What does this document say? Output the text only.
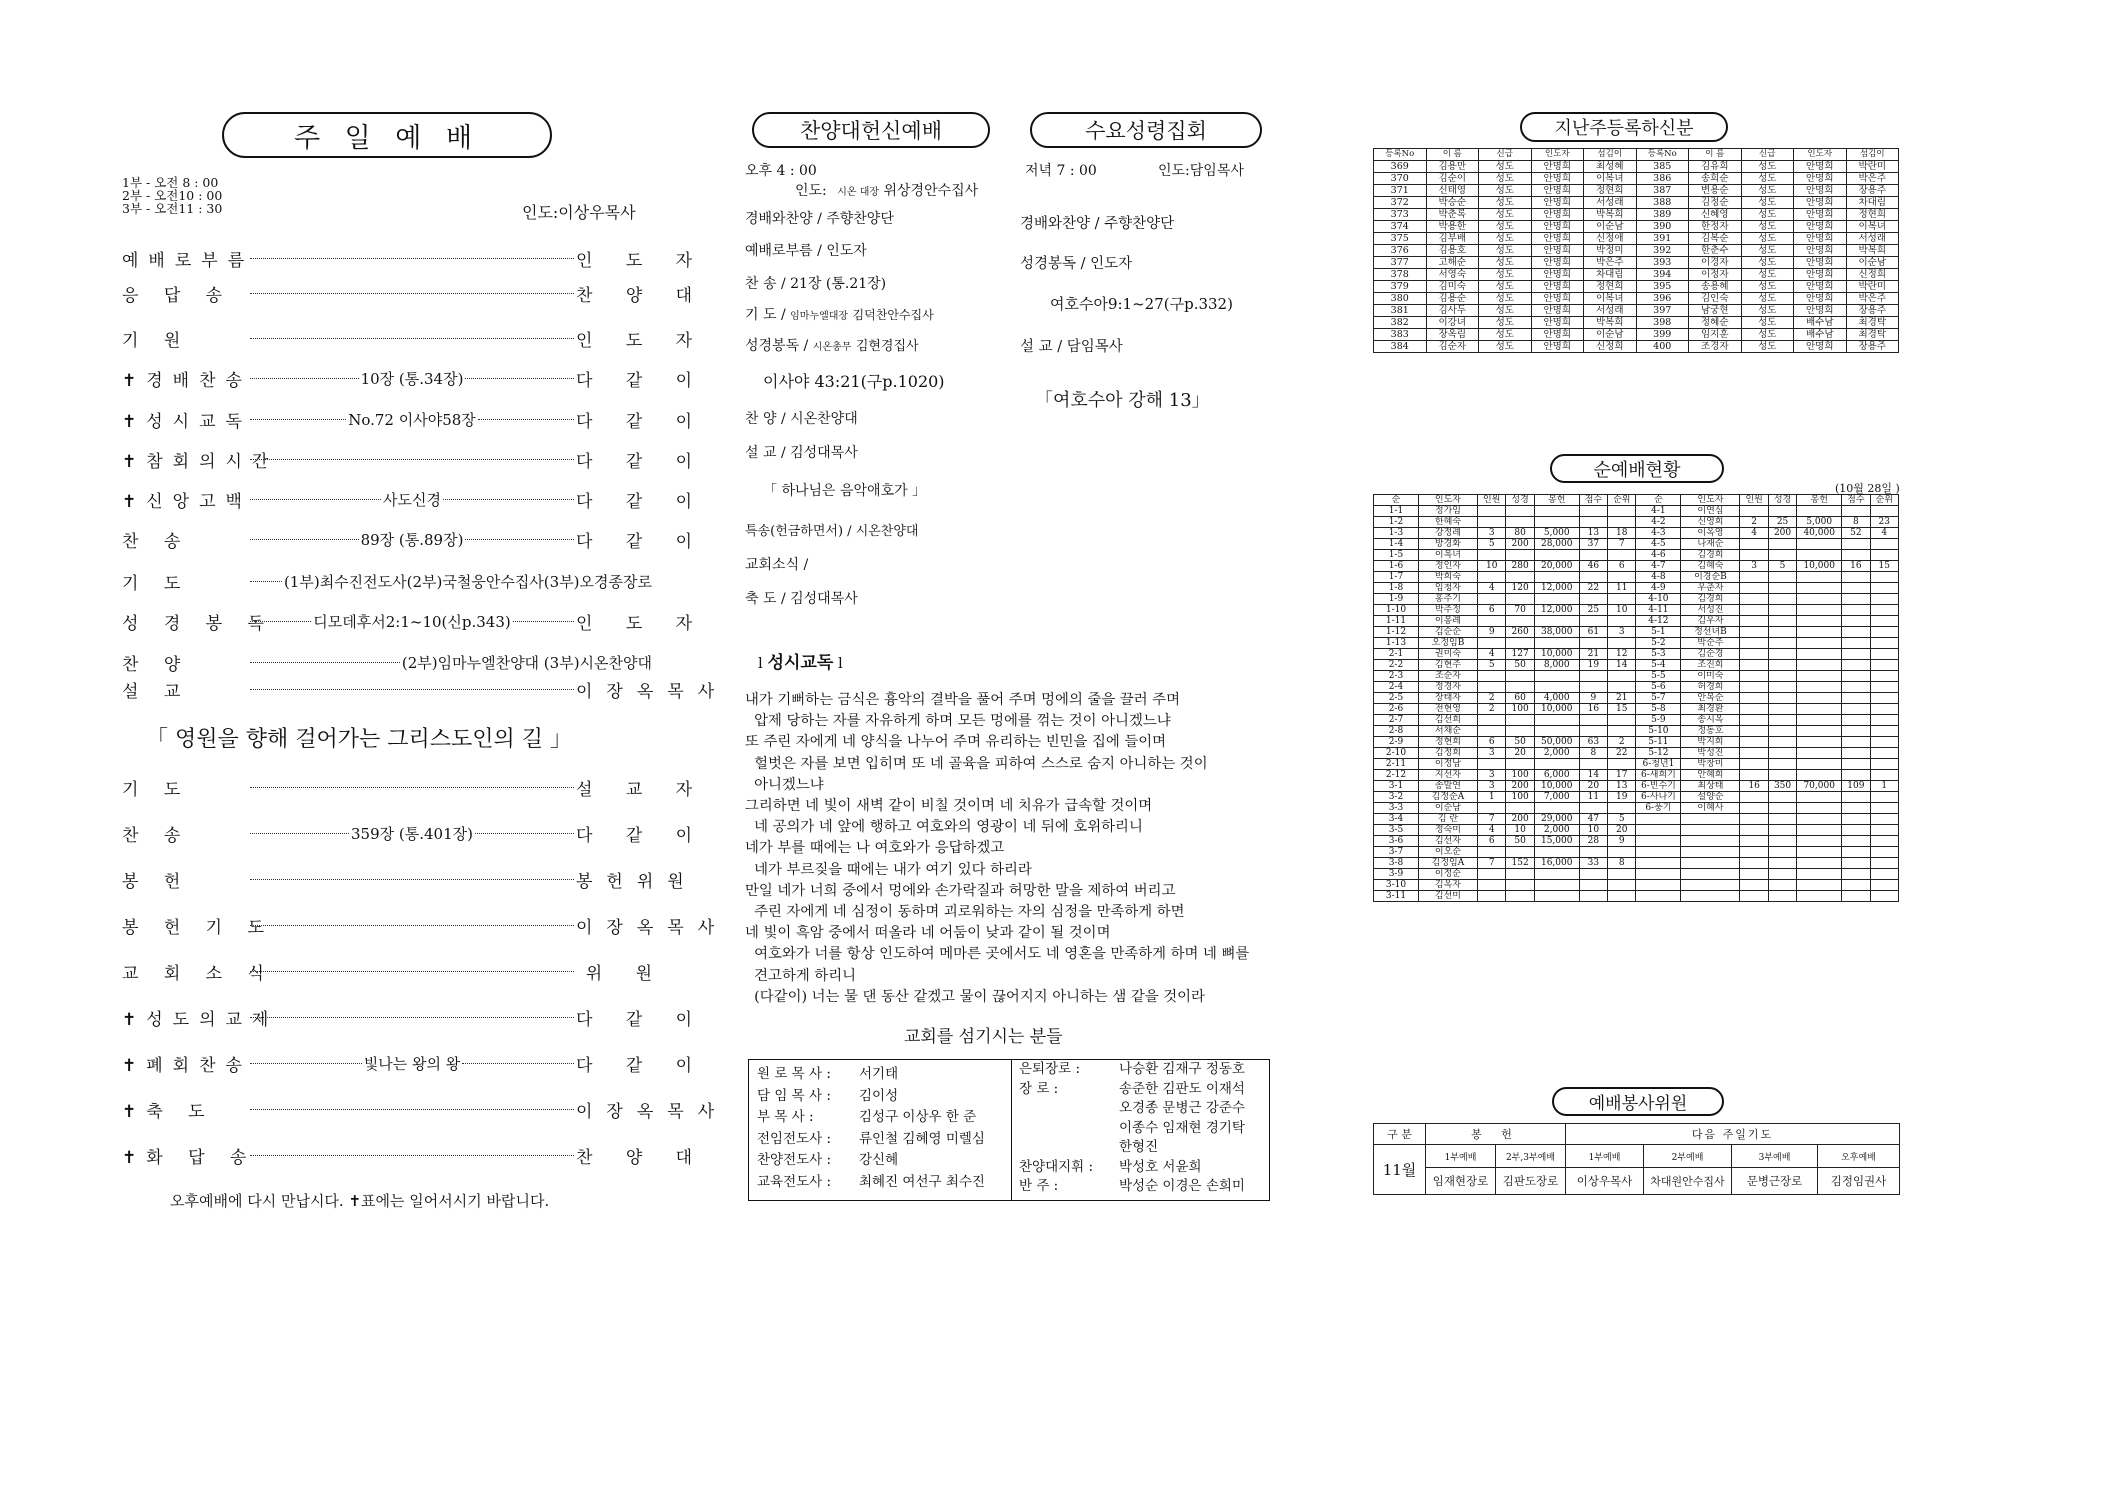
주 일 예 배
1부 - 오전 8 : 00
2부 - 오전10 : 00
3부 - 오전11 : 30	인도:이상우목사
예배로부름	인 도 자
응 답 송	찬 양 대
기 원	인 도 자
✝경배찬송	10장 (통.34장)	다 같 이
✝성시교독	No.72 이사야58장	다 같 이
✝참회의시간	다 같 이
✝신앙고백	사도신경	다 같 이
찬 송	89장 (통.89장)	다 같 이
기 도	(1부)최수진전도사(2부)국철웅안수집사(3부)오경종장로
성 경 봉 독	디모데후서2:1~10(신p.343)	인 도 자
찬 양	(2부)임마누엘찬양대 (3부)시온찬양대
설 교	이장옥목사
「 영원을 향해 걸어가는 그리스도인의 길 」
기 도	설 교 자
찬 송	359장 (통.401장)	다 같 이
봉 헌	봉헌위원
봉 헌 기 도	이장옥목사
교 회 소 식	위 원
✝성도의교제	다 같 이
✝폐회찬송	빛나는 왕의 왕	다 같 이
✝축 도	이장옥목사
✝화 답 송	찬 양 대
오후예배에 다시 만납시다. ✝표에는 일어서시기 바랍니다.
찬양대헌신예배	수요성령집회
오후 4 : 00
인도: 시온 대장 위상경안수집사
경배와찬양 / 주향찬양단
예배로부름 / 인도자
찬 송 / 21장 (통.21장)
기 도 / 임마누엘대장 김덕찬안수집사
성경봉독 / 시온총무 김현경집사
이사야 43:21(구p.1020)
찬 양 / 시온찬양대
설 교 / 김성대목사
「 하나님은 음악애호가 」
특송(헌금하면서) / 시온찬양대
교회소식 /
축 도 / 김성대목사
저녁 7 : 00	인도:담임목사
경배와찬양 / 주향찬양단
성경봉독 / 인도자
여호수아9:1~27(구p.332)
설 교 / 담임목사
「여호수아 강해 13」
l 성시교독 l
내가 기뻐하는 금식은 흉악의 결박을 풀어 주며 멍에의 줄을 끌러 주며
압제 당하는 자를 자유하게 하며 모든 멍에를 꺾는 것이 아니겠느냐
또 주린 자에게 네 양식을 나누어 주며 유리하는 빈민을 집에 들이며
헐벗은 자를 보면 입히며 또 네 골육을 피하여 스스로 숨지 아니하는 것이
아니겠느냐
그리하면 네 빛이 새벽 같이 비칠 것이며 네 치유가 급속할 것이며
네 공의가 네 앞에 행하고 여호와의 영광이 네 뒤에 호위하리니
네가 부를 때에는 나 여호와가 응답하겠고
네가 부르짖을 때에는 내가 여기 있다 하리라
만일 네가 너희 중에서 멍에와 손가락질과 허망한 말을 제하여 버리고
주린 자에게 네 심정이 동하며 괴로워하는 자의 심정을 만족하게 하면
네 빛이 흑암 중에서 떠올라 네 어둠이 낮과 같이 될 것이며
여호와가 너를 항상 인도하여 메마른 곳에서도 네 영혼을 만족하게 하며 네 뼈를
견고하게 하리니
(다같이) 너는 물 댄 동산 같겠고 물이 끊어지지 아니하는 샘 같을 것이라
교회를 섬기시는 분들
원 로 목 사 : 서기태
담 임 목 사 : 김이성
부 목 사 :	김성구 이상우 한 준
전임전도사 : 류인철 김혜영 미렐심
찬양전도사 : 강신혜
교육전도사 : 최혜진 여선구 최수진
은퇴장로 :	나승환 김재구 정동호
장 로 :	송준한 김판도 이재석
오경종 문병근 강준수
이종수 임재현 경기탁
한형진
찬양대지휘 : 박성호 서윤희
반 주 :	박성순 이경은 손희미
지난주등록하신분
등록No	이 름	신급	인도자	섬김이	등록No	이 름	신급	인도자	섬김이
369	김용만	성도	안명희	최성혜	385	김유희	성도	안명희	박란미
370	김순이	성도	안명희	이복녀	386	송희순	성도	안명희	박은주
371	신태영	성도	안명희	정현희	387	변용순	성도	안명희	장용주
372	박승순	성도	안명희	서성래	388	김정순	성도	안명희	차대림
373	박춘록	성도	안명희	박복희	389	신혜영	성도	안명희	정현희
374	박용한	성도	안명희	이순남	390	한정자	성도	안명희	이복녀
375	김부배	성도	안명희	신정애	391	김복순	성도	안명희	서성래
376	김용호	성도	안명희	박정미	392	한춘수	성도	안명희	박복희
377	고해순	성도	안명희	박은주	393	이경자	성도	안명희	이순남
378	서영숙	성도	안명희	차대림	394	이정자	성도	안명희	신정희
379	김미숙	성도	안명희	정현희	395	송용혜	성도	안명희	박란미
380	김용순	성도	안명희	이복녀	396	김인숙	성도	안명희	박은주
381	김사두	성도	안명희	서성래	397	남궁현	성도	안명희	장용주
382	이강녀	성도	안명희	박복희	398	정혜순	성도	배수남	최경탁
383	장옥림	성도	안명희	이순남	399	임지훈	성도	배수남	최경탁
384	김순자	성도	안명희	신정희	400	조경자	성도	안명희	장용주
순예배현황
(10월 28일 )
순	인도자	인원	성경	봉헌	점수	순위	순	인도자	인원	성경	봉헌	점수	순위
1-1	정가임						4-1	이연심					
1-2	한혜숙						4-2	신영희	2	25	5,000	8	23
1-3	강정례	3	80	5,000	13	18	4-3	이옥영	4	200	40,000	52	4
1-4	방경화	5	200	28,000	37	7	4-5	나재순					
1-5	이복녀						4-6	김경희					
1-6	정인자	10	280	20,000	46	6	4-7	김혜숙	3	5	10,000	16	15
1-7	박희숙						4-8	이경순B					
1-8	임청자	4	120	12,000	22	11	4-9	우춘자					
1-9	홍주기						4-10	김경희					
1-10	박주정	6	70	12,000	25	10	4-11	서성진					
1-11	이봉례						4-12	김우자					
1-12	김순순	9	260	38,000	61	3	5-1	정선녀B					
1-13	오정임B						5-2	박순주					
2-1	권미숙	4	127	10,000	21	12	5-3	김순경					
2-2	김현주	5	50	8,000	19	14	5-4	조진희					
2-3	조순자						5-5	이미숙					
2-4	정경자						5-6	허경희					
2-5	장태자	2	60	4,000	9	21	5-7	안복순					
2-6	전현영	2	100	10,000	16	15	5-8	최경환					
2-7	김선희						5-9	송시옥					
2-8	서채순						5-10	정동호					
2-9	정현희	6	50	50,000	63	2	5-11	박지희					
2-10	김정희	3	20	2,000	8	22	5-12	박성진					
2-11	이정남						6-청년1	박창미					
2-12	지선자	3	100	6,000	14	17	6-새희기	안혜희					
3-1	송말연	3	200	10,000	20	13	6-빈수기	최상태	16	350	70,000	109	1
3-2	김정순A	1	100	7,000	11	19	6-사나기	설양순					
3-3	이순남						6-풍기	이혜사					
3-4	김 란	7	200	29,000	47	5							
3-5	정숙미	4	10	2,000	10	20							
3-6	김선자	6	50	15,000	28	9							
3-7	이오순												
3-8	김정임A	7	152	16,000	33	8							
3-9	이정순												
3-10	김옥자												
3-11	김선미												
예배봉사위원
구 분	봉 헌		다음 주일기도			
11월	1부예배	2부,3부예배	1부예배	2부예배	3부예배	오후예배
	임재현장로	김판도장로	이상우목사	차대원안수집사	문병근장로	김정임권사
